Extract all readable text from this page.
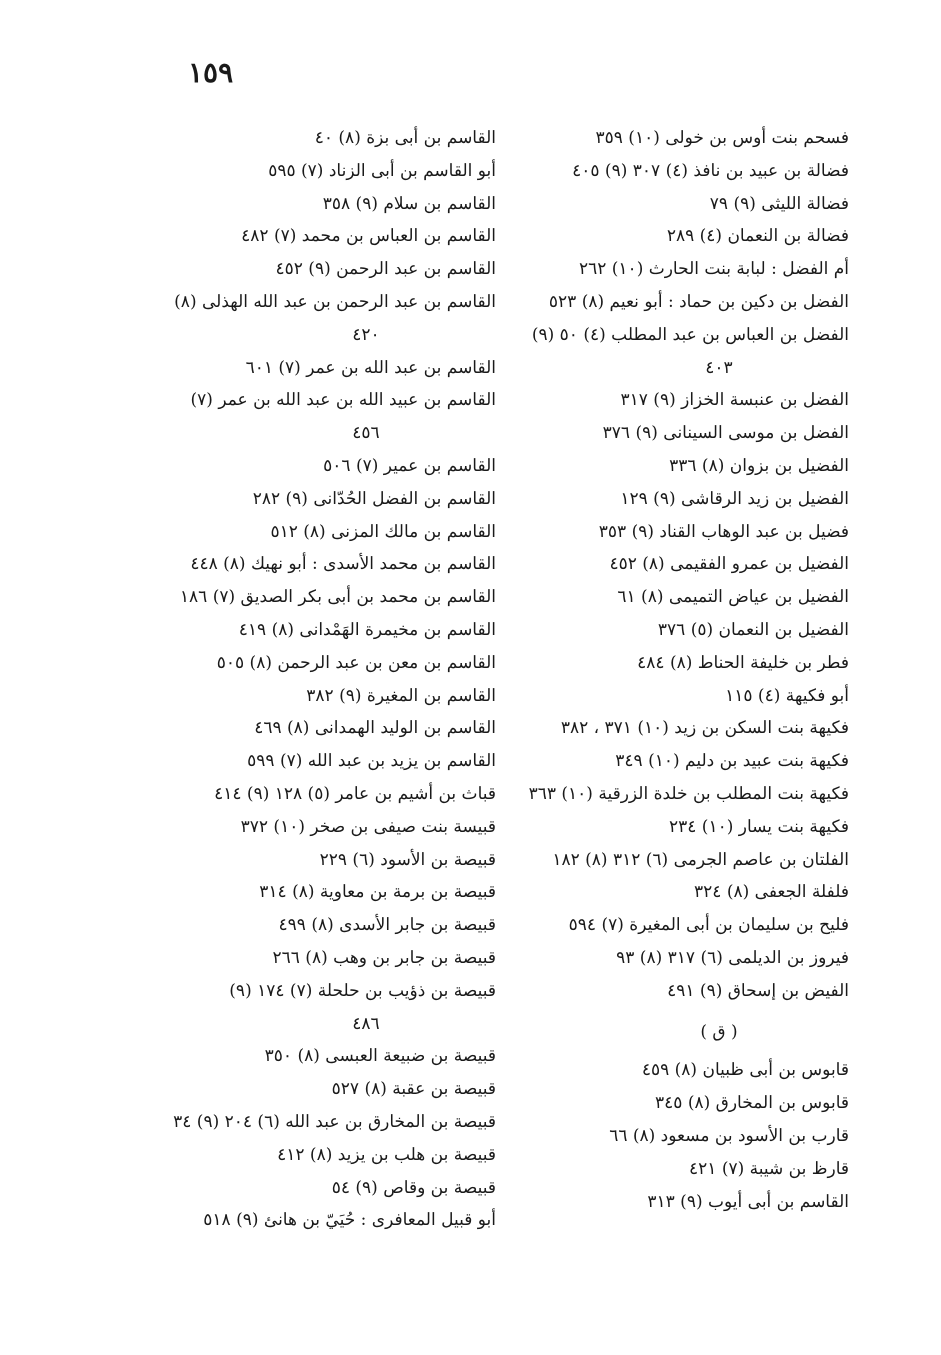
١٥٩
فسحم بنت أوس بن خولى (١٠) ٣٥٩
فضالة بن عبيد بن نافذ (٤) ٣٠٧ (٩) ٤٠٥
فضالة الليثى (٩) ٧٩
فضالة بن النعمان (٤) ٢٨٩
أم الفضل : لبابة بنت الحارث (١٠) ٢٦٢
الفضل بن دكين بن حماد : أبو نعيم (٨) ٥٢٣
الفضل بن العباس بن عبد المطلب (٤) ٥٠ (٩)
٤٠٣
الفضل بن عنبسة الخزاز (٩) ٣١٧
الفضل بن موسى السينانى (٩) ٣٧٦
الفضيل بن بزوان (٨) ٣٣٦
الفضيل بن زيد الرقاشى (٩) ١٢٩
فضيل بن عبد الوهاب القناد (٩) ٣٥٣
الفضيل بن عمرو الفقيمى (٨) ٤٥٢
الفضيل بن عياض التميمى (٨) ٦١
الفضيل بن النعمان (٥) ٣٧٦
فطر بن خليفة الحناط (٨) ٤٨٤
أبو فكيهة (٤) ١١٥
فكيهة بنت السكن بن زيد (١٠) ٣٧١ ، ٣٨٢
فكيهة بنت عبيد بن دليم (١٠) ٣٤٩
فكيهة بنت المطلب بن خلدة الزرقية (١٠) ٣٦٣
فكيهة بنت يسار (١٠) ٢٣٤
الفلتان بن عاصم الجرمى (٦) ٣١٢ (٨) ١٨٢
فلفلة الجعفى (٨) ٣٢٤
فليح بن سليمان بن أبى المغيرة (٧) ٥٩٤
فيروز بن الديلمى (٦) ٣١٧ (٨) ٩٣
الفيض بن إسحاق (٩) ٤٩١
( ق )
قابوس بن أبى ظبيان (٨) ٤٥٩
قابوس بن المخارق (٨) ٣٤٥
قارب بن الأسود بن مسعود (٨) ٦٦
قارظ بن شيبة (٧) ٤٢١
القاسم بن أبى أيوب (٩) ٣١٣
القاسم بن أبى بزة (٨) ٤٠
أبو القاسم بن أبى الزناد (٧) ٥٩٥
القاسم بن سلام (٩) ٣٥٨
القاسم بن العباس بن محمد (٧) ٤٨٢
القاسم بن عبد الرحمن (٩) ٤٥٢
القاسم بن عبد الرحمن بن عبد الله الهذلى (٨)
٤٢٠
القاسم بن عبد الله بن عمر (٧) ٦٠١
القاسم بن عبيد الله بن عبد الله بن عمر (٧)
٤٥٦
القاسم بن عمير (٧) ٥٠٦
القاسم بن الفضل الحُدّانى (٩) ٢٨٢
القاسم بن مالك المزنى (٨) ٥١٢
القاسم بن محمد الأسدى : أبو نهيك (٨) ٤٤٨
القاسم بن محمد بن أبى بكر الصديق (٧) ١٨٦
القاسم بن مخيمرة الهَمْدانى (٨) ٤١٩
القاسم بن معن بن عبد الرحمن (٨) ٥٠٥
القاسم بن المغيرة (٩) ٣٨٢
القاسم بن الوليد الهمدانى (٨) ٤٦٩
القاسم بن يزيد بن عبد الله (٧) ٥٩٩
قباث بن أشيم بن عامر (٥) ١٢٨ (٩) ٤١٤
قبيسة بنت صيفى بن صخر (١٠) ٣٧٢
قبيصة بن الأسود (٦) ٢٢٩
قبيصة بن برمة بن معاوية (٨) ٣١٤
قبيصة بن جابر الأسدى (٨) ٤٩٩
قبيصة بن جابر بن وهب (٨) ٢٦٦
قبيصة بن ذؤيب بن حلحلة (٧) ١٧٤ (٩)
٤٨٦
قبيصة بن ضبيعة العبسى (٨) ٣٥٠
قبيصة بن عقبة (٨) ٥٢٧
قبيصة بن المخارق بن عبد الله (٦) ٢٠٤ (٩) ٣٤
قبيصة بن هلب بن يزيد (٨) ٤١٢
قبيصة بن وقاص (٩) ٥٤
أبو قبيل المعافرى : حُيَيّ بن هانئ (٩) ٥١٨
